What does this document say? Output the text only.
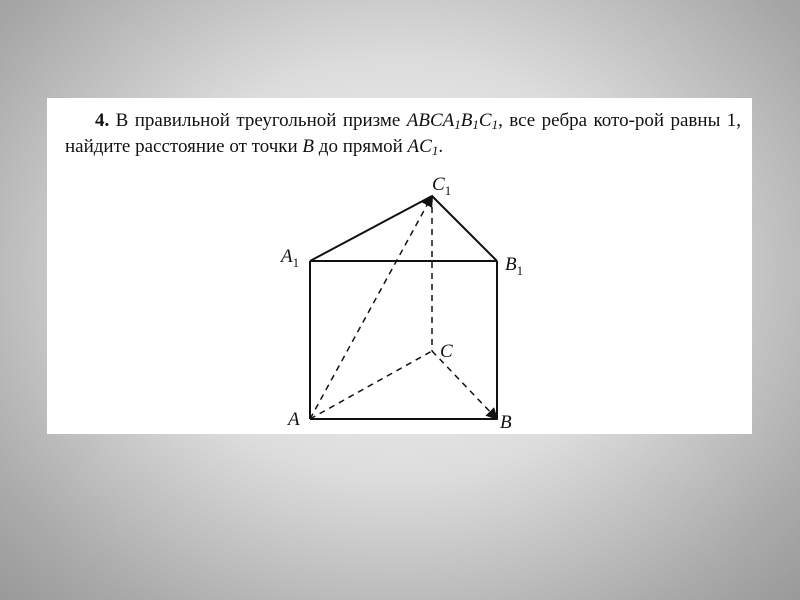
4. В правильной треугольной призме $ABCA_1B_1C_1$, все ребра кото-рой равны 1, найдите расстояние от точки B до прямой $AC_1$.
$C_1$
$A_1$	$B_1$
C
A	B
